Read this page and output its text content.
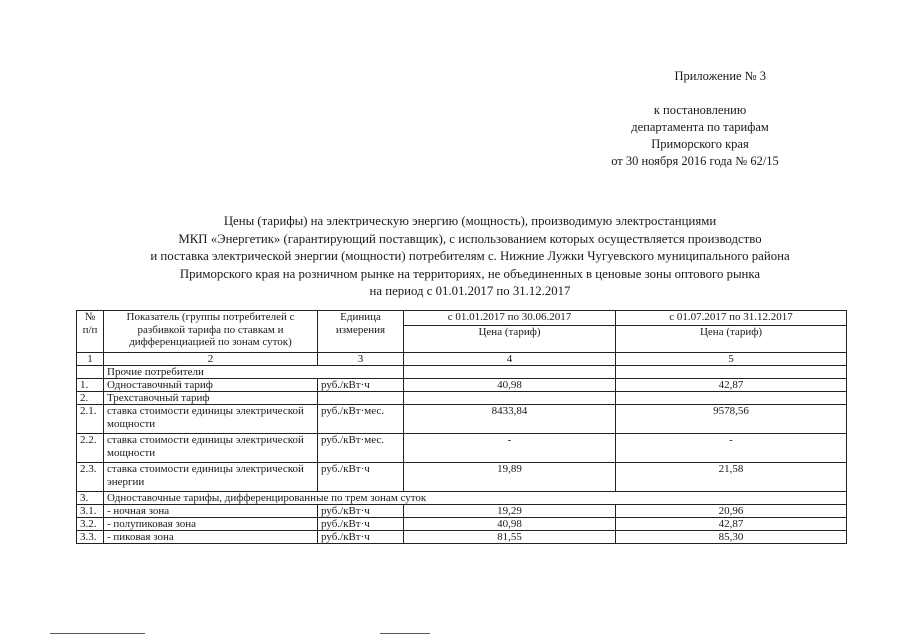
Приложение № 3
к постановлению
департамента по тарифам
Приморского края
от 30 ноября 2016 года № 62/15
Цены (тарифы) на электрическую энергию (мощность), производимую электростанциями
МКП «Энергетик» (гарантирующий поставщик), с использованием которых осуществляется производство
и поставка электрической энергии (мощности) потребителям с. Нижние Лужки Чугуевского муниципального района
Приморского края на розничном рынке на территориях, не объединенных в ценовые зоны оптового рынка
на период с 01.01.2017 по 31.12.2017
№ п/п	Показатель (группы потребителей с разбивкой тарифа по ставкам и дифференциацией по зонам суток)	Единица измерения	с 01.01.2017 по 30.06.2017	с 01.07.2017 по 31.12.2017
			Цена (тариф)	Цена (тариф)
1	2	3	4	5
	Прочие потребители			
1.	Одноставочный тариф	руб./кВт·ч	40,98	42,87
2.	Трехставочный тариф			
2.1.	ставка стоимости единицы электрической мощности	руб./кВт·мес.	8433,84	9578,56
2.2.	ставка стоимости единицы электрической мощности	руб./кВт·мес.	-	-
2.3.	ставка стоимости единицы электрической энергии	руб./кВт·ч	19,89	21,58
3.	Одноставочные тарифы, дифференцированные по трем зонам суток			
3.1.	- ночная зона	руб./кВт·ч	19,29	20,96
3.2.	- полупиковая зона	руб./кВт·ч	40,98	42,87
3.3.	- пиковая зона	руб./кВт·ч	81,55	85,30
